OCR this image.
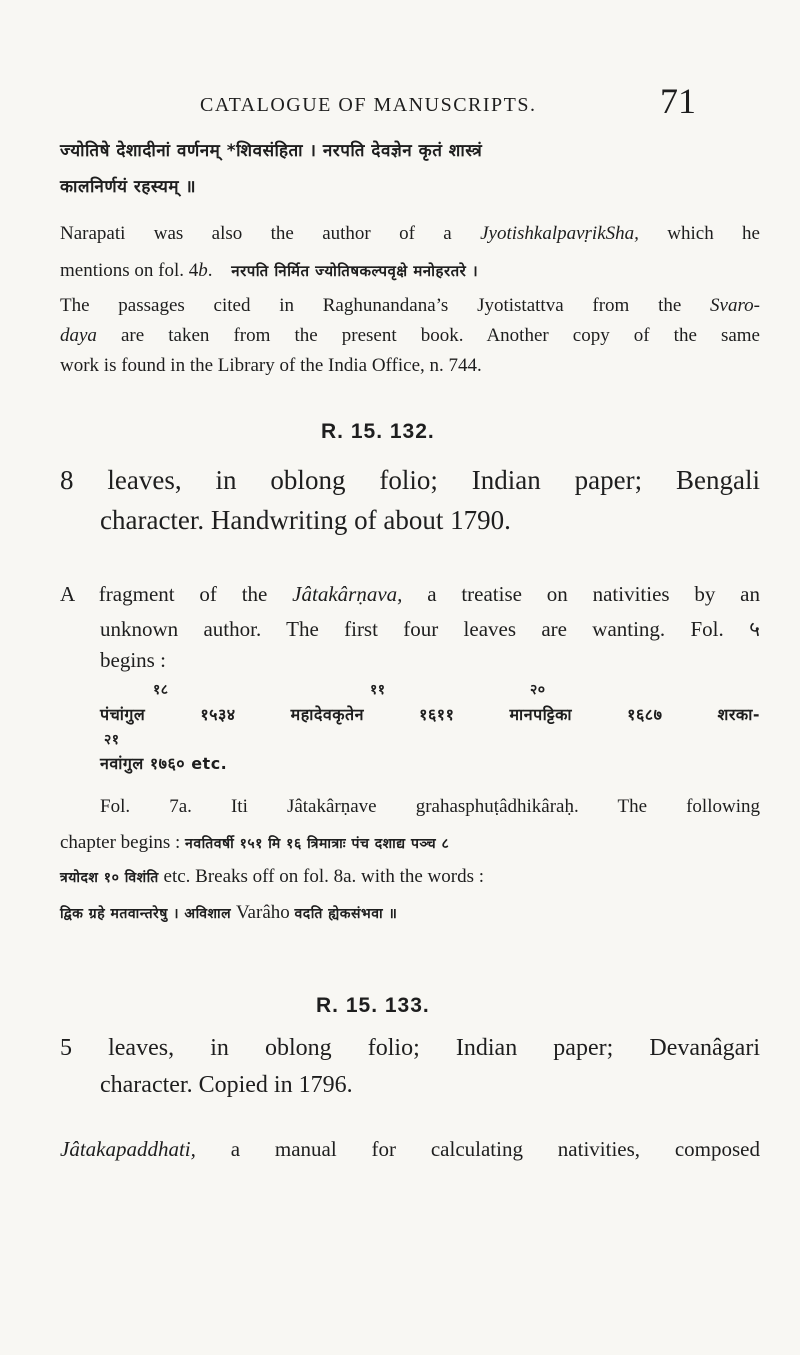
CATALOGUE OF MANUSCRIPTS.	71
ज्योतिषे देशादीनां वर्णनम् *शिवसंहिता । नरपति देवज्ञेन कृतं शास्त्रं
कालनिर्णयं रहस्यम् ॥
Narapati was also the author of a JyotishkalpavṛikSha, which he
mentions on fol. 4b. नरपति निर्मित ज्योतिषकल्पवृक्षे मनोहरतरे ।
The passages cited in Raghunandana’s Jyotistattva from the Svaro-
daya are taken from the present book. Another copy of the same
work is found in the Library of the India Office, n. 744.
R. 15. 132.
8 leaves, in oblong folio; Indian paper; Bengali
character. Handwriting of about 1790.
A fragment of the Jâtakârṇava, a treatise on nativities by an
unknown author. The first four leaves are wanting. Fol. ५
begins :
१८	११	२०
पंचांगुल १५३४ महादेवकृतेन १६११ मानपट्टिका १६८७ शरका-
२१
नवांगुल १७६० etc.
Fol. 7a. Iti Jâtakârṇave grahasphuṭâdhikâraḥ. The following
chapter begins : नवतिवर्षी १५१ मि १६ त्रिमात्राः पंच दशाद्य पञ्च ८
त्रयोदश १० विशंति etc. Breaks off on fol. 8a. with the words :
द्विक ग्रहे मतवान्तरेषु । अविशाल Varâho वदति ह्येकसंभवा ॥
R. 15. 133.
5 leaves, in oblong folio; Indian paper; Devanâgari
character. Copied in 1796.
Jâtakapaddhati, a manual for calculating nativities, composed
